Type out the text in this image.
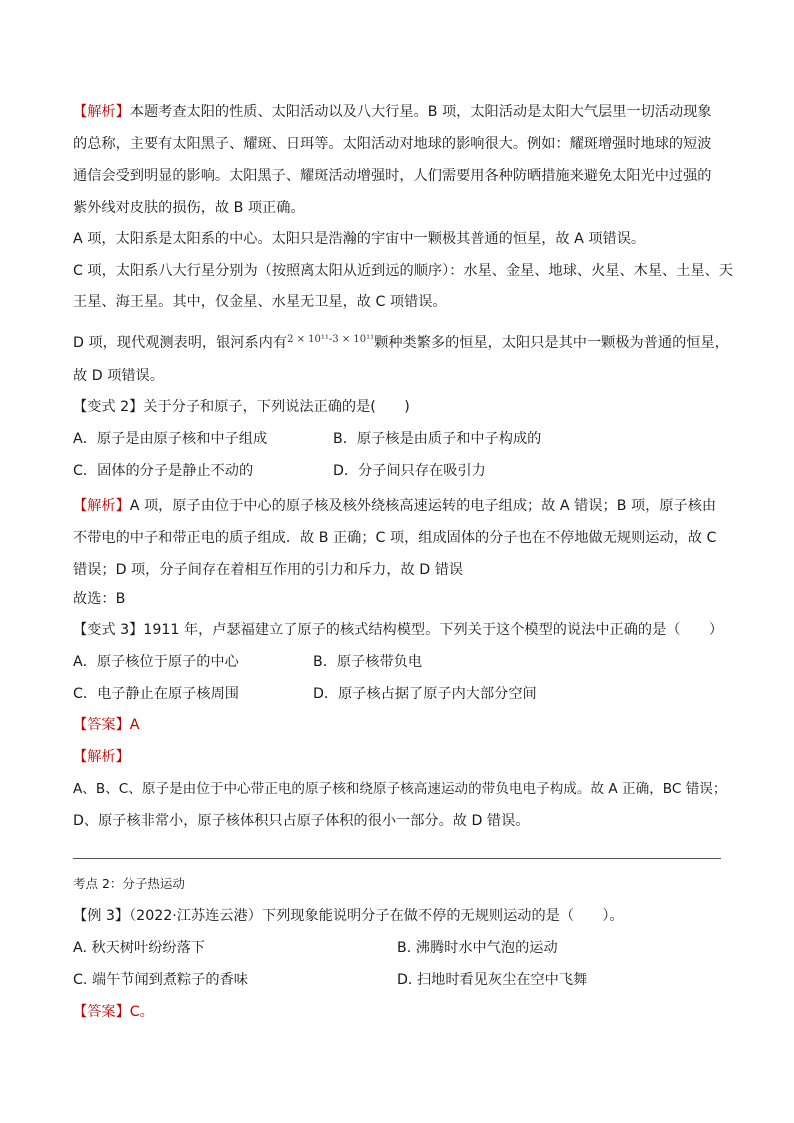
【解析】本题考查太阳的性质、太阳活动以及八大行星。B 项，太阳活动是太阳大气层里一切活动现象的总称，主要有太阳黑子、耀斑、日珥等。太阳活动对地球的影响很大。例如：耀斑增强时地球的短波通信会受到明显的影响。太阳黑子、耀斑活动增强时，人们需要用各种防晒措施来避免太阳光中过强的紫外线对皮肤的损伤，故 B 项正确。
A 项，太阳系是太阳系的中心。太阳只是浩瀚的宇宙中一颗极其普通的恒星，故 A 项错误。
C 项，太阳系八大行星分别为（按照离太阳从近到远的顺序）：水星、金星、地球、火星、木星、土星、天
王星、海王星。其中，仅金星、水星无卫星，故 C 项错误。
D 项，现代观测表明，银河系内有$^{2 \times 10^{11}-3 \times 10^{11}}$颗种类繁多的恒星，太阳只是其中一颗极为普通的恒星，
故 D 项错误。
【变式 2】关于分子和原子，下列说法正确的是(　　)
A．原子是由原子核和中子组成	B．原子核是由质子和中子构成的
C．固体的分子是静止不动的	D．分子间只存在吸引力
【解析】A 项，原子由位于中心的原子核及核外绕核高速运转的电子组成；故 A 错误；B 项，原子核由不带电的中子和带正电的质子组成．故 B 正确；C 项，组成固体的分子也在不停地做无规则运动，故 C 错误；D 项，分子间存在着相互作用的引力和斥力，故 D 错误
故选：B
【变式 3】1911 年，卢瑟福建立了原子的核式结构模型。下列关于这个模型的说法中正确的是（　　）
A．原子核位于原子的中心	B．原子核带负电
C．电子静止在原子核周围	D．原子核占据了原子内大部分空间
【答案】A
【解析】
A、B、C、原子是由位于中心带正电的原子核和绕原子核高速运动的带负电电子构成。故 A 正确，BC 错误；
D、原子核非常小，原子核体积只占原子体积的很小一部分。故 D 错误。
考点 2：分子热运动
【例 3】（2022·江苏连云港）下列现象能说明分子在做不停的无规则运动的是（　　）。
A. 秋天树叶纷纷落下	B. 沸腾时水中气泡的运动
C. 端午节闻到煮粽子的香味	D. 扫地时看见灰尘在空中飞舞
【答案】C。
